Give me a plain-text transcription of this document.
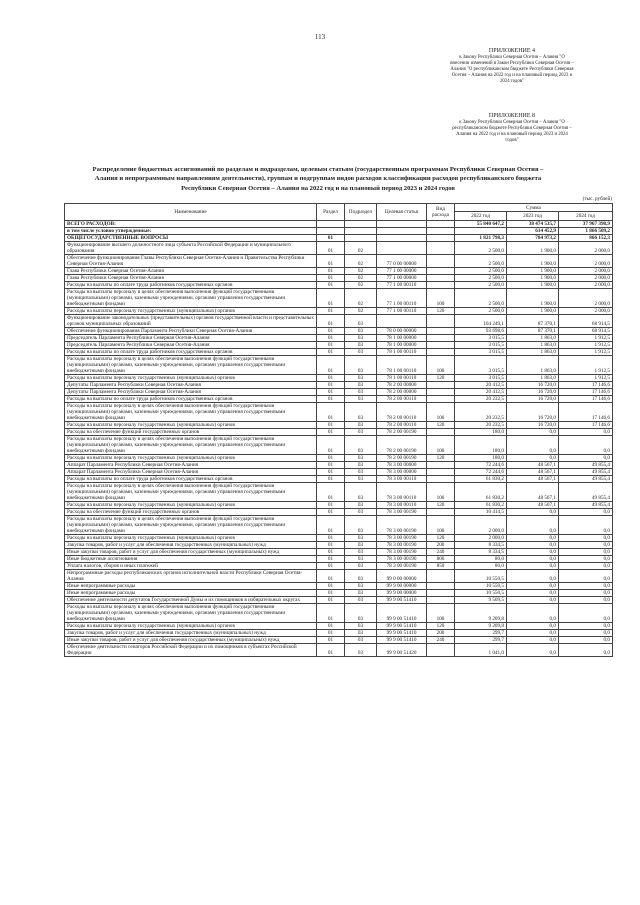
113
ПРИЛОЖЕНИЕ 4
к Закону Республики Северная Осетия – Алания "О
внесении изменений в Закон Республики Северная Осетия –
Алания "О республиканском бюджете Республики Северная
Осетия – Алания на 2022 год и на плановый период 2023 и
2024 годов"
ПРИЛОЖЕНИЕ 8
к Закону Республики Северная Осетия – Алания "О
республиканском бюджете Республики Северная Осетия –
Алания на 2022 год и на плановый период 2023 и 2024
годов"
Распределение бюджетных ассигнований по разделам и подразделам, целевым статьям (государственным программам Республики Северная Осетия – Алания и непрограммным направлениям деятельности), группам и подгруппам видов расходов классификации расходов республиканского бюджета Республики Северная Осетия – Алания на 2022 год и на плановый период 2023 и 2024 годов
(тыс. рублей)
Наименование	Раздел	Подраздел	Целевая статья	Вид расхода	Сумма		
					2022 год	2023 год	2024 год
ВСЕГО РАСХОДОВ:					55 840 647,2	38 474 535,7	37 967 398,9
в том числе условно утвержденные:						614 452,9	1 866 509,2
ОБЩЕГОСУДАРСТВЕННЫЕ ВОПРОСЫ	01				1 821 798,3	784 973,2	866 152,3
Функционирование высшего должностного лица субъекта Российской Федерации и муниципального образования	01	02			2 500,0	1 900,0	2 000,0
Обеспечение функционирования Главы Республики Северная Осетия-Алания и Правительства Республики Северная Осетия-Алания	01	02	77 0 00 00000		2 500,0	1 900,0	2 000,0
Глава Республики Северная Осетия-Алания	01	02	77 1 00 00000		2 500,0	1 900,0	2 000,0
Глава Республики Северная Осетия-Алания	01	02	77 1 00 00000		2 500,0	1 900,0	2 000,0
Расходы на выплаты по оплате труда работников государственных органов	01	02	77 1 00 00110		2 500,0	1 900,0	2 000,0
Расходы на выплаты персоналу в целях обеспечения выполнения функций государственными (муниципальными) органами, казенными учреждениями, органами управления государственными внебюджетными фондами	01	02	77 1 00 00110	100	2 500,0	1 900,0	2 000,0
Расходы на выплаты персоналу государственных (муниципальных) органов	01	02	77 1 00 00110	120	2 500,0	1 900,0	2 000,0
Функционирование законодательных (представительных) органов государственной власти и представительных органов муниципальных образований	01	03			104 249,1	87 370,1	68 914,5
Обеспечение функционирования Парламента Республики Северная Осетия-Алания	01	03	78 0 00 00000		93 698,6	87 370,1	68 914,5
Председатель Парламента Республики Северная Осетия-Алания	01	03	78 1 00 00000		3 015,5	1 863,0	1 912,5
Председатель Парламента Республики Северная Осетия-Алания	01	03	78 1 00 00000		3 015,5	1 863,0	1 912,5
Расходы на выплаты по оплате труда работников государственных органов	01	03	78 1 00 00110		3 015,5	1 863,0	1 912,5
Расходы на выплаты персоналу в целях обеспечения выполнения функций государственными (муниципальными) органами, казенными учреждениями, органами управления государственными внебюджетными фондами	01	03	78 1 00 00110	100	3 015,5	1 863,0	1 912,5
Расходы на выплаты персоналу государственных (муниципальных) органов	01	03	78 1 00 00110	120	3 015,5	1 863,0	1 912,5
Депутаты Парламента Республики Северная Осетия-Алания	01	03	78 2 00 00000		20 412,5	16 720,0	17 146,6
Депутаты Парламента Республики Северная Осетия-Алания	01	03	78 2 00 00000		20 412,5	16 720,0	17 146,6
Расходы на выплаты по оплате труда работников государственных органов	01	03	78 2 00 00110		20 232,5	16 720,0	17 146,6
Расходы на выплаты персоналу в целях обеспечения выполнения функций государственными (муниципальными) органами, казенными учреждениями, органами управления государственными внебюджетными фондами	01	03	78 2 00 00110	100	20 232,5	16 720,0	17 146,6
Расходы на выплаты персоналу государственных (муниципальных) органов	01	03	78 2 00 00110	120	20 232,5	16 720,0	17 146,6
Расходы на обеспечение функций государственных органов	01	03	78 2 00 00190		180,0	0,0	0,0
Расходы на выплаты персоналу в целях обеспечения выполнения функций государственными (муниципальными) органами, казенными учреждениями, органами управления государственными внебюджетными фондами	01	03	78 2 00 00190	100	180,0	0,0	0,0
Расходы на выплаты персоналу государственных (муниципальных) органов	01	03	78 2 00 00190	120	180,0	0,0	0,0
Аппарат Парламента Республики Северная Осетия-Алания	01	03	78 3 00 00000		72 244,6	48 567,1	49 855,4
Аппарат Парламента Республики Северная Осетия-Алания	01	03	78 3 00 00000		72 244,6	48 567,1	49 855,4
Расходы на выплаты по оплате труда работников государственных органов	01	03	78 3 00 00110		61 830,2	48 567,1	49 855,4
Расходы на выплаты персоналу в целях обеспечения выполнения функций государственными (муниципальными) органами, казенными учреждениями, органами управления государственными внебюджетными фондами	01	03	78 3 00 00110	100	61 830,2	48 567,1	49 855,4
Расходы на выплаты персоналу государственных (муниципальных) органов	01	03	78 3 00 00110	120	61 830,2	48 567,1	49 855,4
Расходы на обеспечение функций государственных органов	01	03	78 3 00 00190		10 414,5	0,0	0,0
Расходы на выплаты персоналу в целях обеспечения выполнения функций государственными (муниципальными) органами, казенными учреждениями, органами управления государственными внебюджетными фондами	01	03	78 3 00 00190	100	2 000,0	0,0	0,0
Расходы на выплаты персоналу государственных (муниципальных) органов	01	03	78 3 00 00190	120	2 000,0	0,0	0,0
Закупка товаров, работ и услуг для обеспечения государственных (муниципальных) нужд	01	03	78 3 00 00190	200	8 334,5	0,0	0,0
Иные закупки товаров, работ и услуг для обеспечения государственных (муниципальных) нужд	01	03	78 3 00 00190	240	8 334,5	0,0	0,0
Иные бюджетные ассигнования	01	03	78 3 00 00190	800	80,0	0,0	0,0
Уплата налогов, сборов и иных платежей	01	03	78 3 00 00190	850	80,0	0,0	0,0
Непрограммные расходы республиканских органов исполнительной власти Республики Северная Осетия-Алания	01	03	99 0 00 00000		10 550,5	0,0	0,0
Иные непрограммные расходы	01	03	99 9 00 00000		10 550,5	0,0	0,0
Иные непрограммные расходы	01	03	99 9 00 00000		10 550,5	0,0	0,0
Обеспечение деятельности депутатов Государственной Думы и их помощников в избирательных округах	01	03	99 9 00 51410		9 509,5	0,0	0,0
Расходы на выплаты персоналу в целях обеспечения выполнения функций государственными (муниципальными) органами, казенными учреждениями, органами управления государственными внебюджетными фондами	01	03	99 9 00 51410	100	9 209,8	0,0	0,0
Расходы на выплаты персоналу государственных (муниципальных) органов	01	03	99 9 00 51410	120	9 209,8	0,0	0,0
Закупка товаров, работ и услуг для обеспечения государственных (муниципальных) нужд	01	03	99 9 00 51410	200	299,7	0,0	0,0
Иные закупки товаров, работ и услуг для обеспечения государственных (муниципальных) нужд	01	03	99 9 00 51410	240	299,7	0,0	0,0
Обеспечение деятельности сенаторов Российской Федерации и их помощников в субъектах Российской Федерации	01	03	99 9 00 51420		1 041,0	0,0	0,0
